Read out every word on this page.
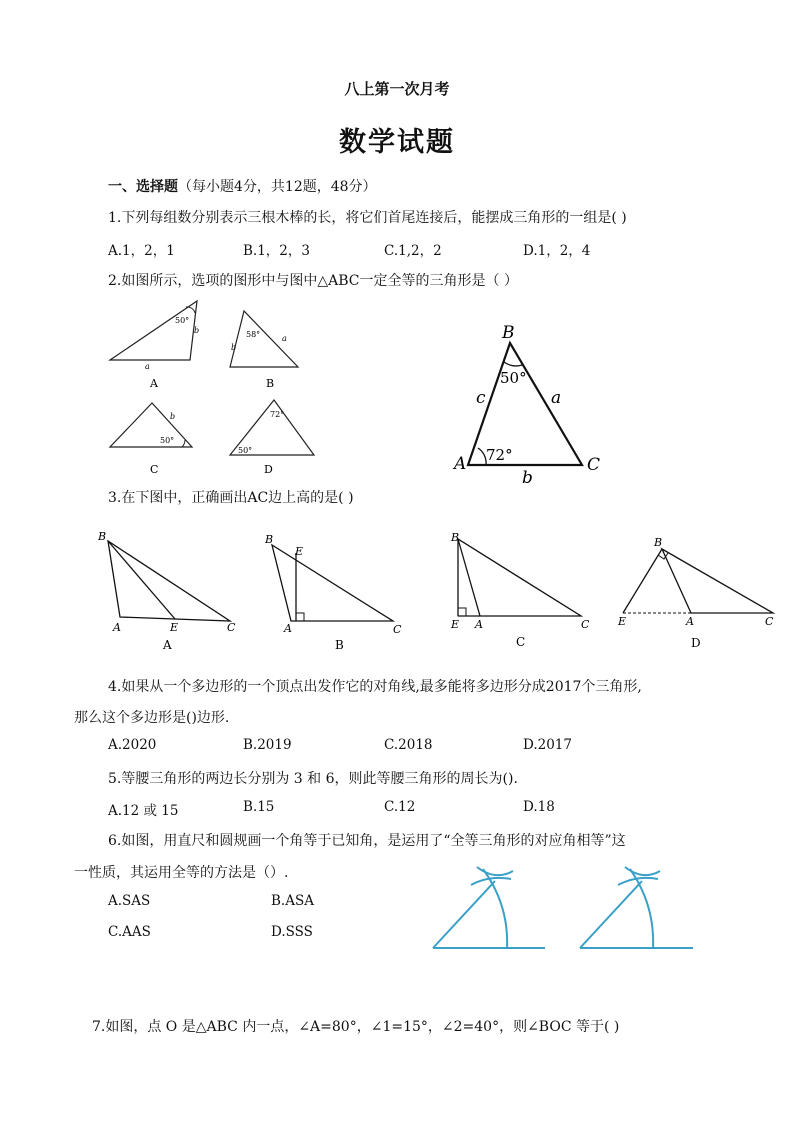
八上第一次月考
数学试题
一、选择题（每小题4分，共12题，48分）
1.下列每组数分别表示三根木棒的长，将它们首尾连接后，能摆成三角形的一组是( )
A.1，2，1	B.1，2，3	C.1,2，2	D.1，2，4
2.如图所示，选项的图形中与图中△ABC一定全等的三角形是（ ）
50°
b
a
A
58°
b
a
B
50°
b
C
72°
50°
D
B
50°
c	a
A 72°	C
b
3.在下图中，正确画出AC边上高的是( )
B
A	E	C
A
B
E
A	C
B
B
E A	C
C
B
E	A	C
D
4.如果从一个多边形的一个顶点出发作它的对角线,最多能将多边形分成2017个三角形,
那么这个多边形是()边形.
A.2020	B.2019	C.2018	D.2017
5.等腰三角形的两边长分别为 3 和 6，则此等腰三角形的周长为().
A.12 或 15	B.15	C.12	D.18
6.如图，用直尺和圆规画一个角等于已知角，是运用了“全等三角形的对应角相等”这
一性质，其运用全等的方法是（）.
A.SAS	B.ASA
C.AAS	D.SSS
7.如图，点 O 是△ABC 内一点，∠A=80°，∠1=15°，∠2=40°，则∠BOC 等于( )
